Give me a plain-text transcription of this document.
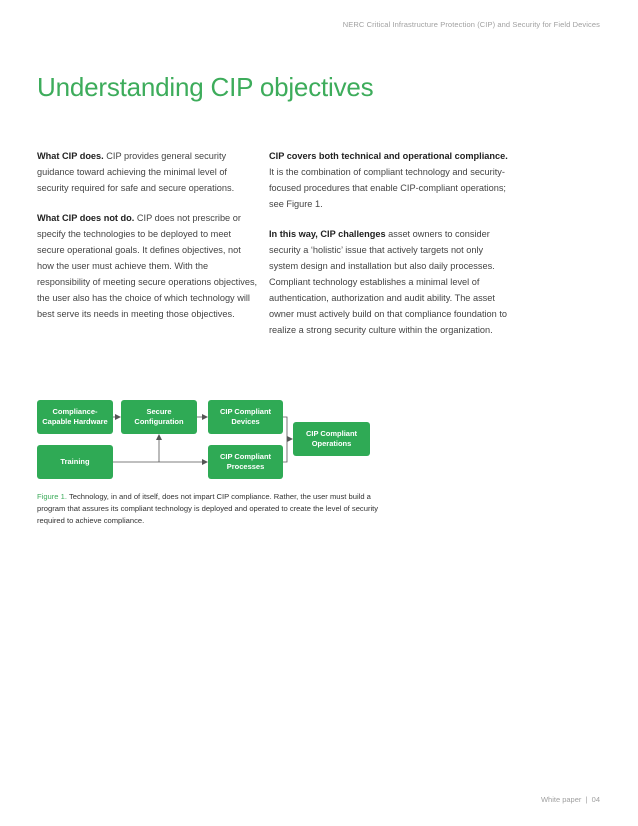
NERC Critical Infrastructure Protection (CIP) and Security for Field Devices
Understanding CIP objectives

What CIP does. CIP provides general security guidance toward achieving the minimal level of security required for safe and secure operations.

What CIP does not do. CIP does not prescribe or specify the technologies to be deployed to meet secure operational goals. It defines objectives, not how the user must achieve them. With the responsibility of meeting secure operations objectives, the user also has the choice of which technology will best serve its needs in meeting those objectives.

CIP covers both technical and operational compliance. It is the combination of compliant technology and security-focused procedures that enable CIP-compliant operations; see Figure 1.

In this way, CIP challenges asset owners to consider security a ‘holistic’ issue that actively targets not only system design and installation but also daily processes. Compliant technology establishes a minimal level of authentication, authorization and audit ability. The asset owner must actively build on that compliance foundation to realize a strong security culture within the organization.

Compliance-
Capable Hardware
Secure
Configuration
CIP Compliant
Devices
CIP Compliant
Operations
Training
CIP Compliant
Processes

Figure 1. Technology, in and of itself, does not impart CIP compliance. Rather, the user must build a program that assures its compliant technology is deployed and operated to create the level of security required to achieve compliance.

White paper  |  04
